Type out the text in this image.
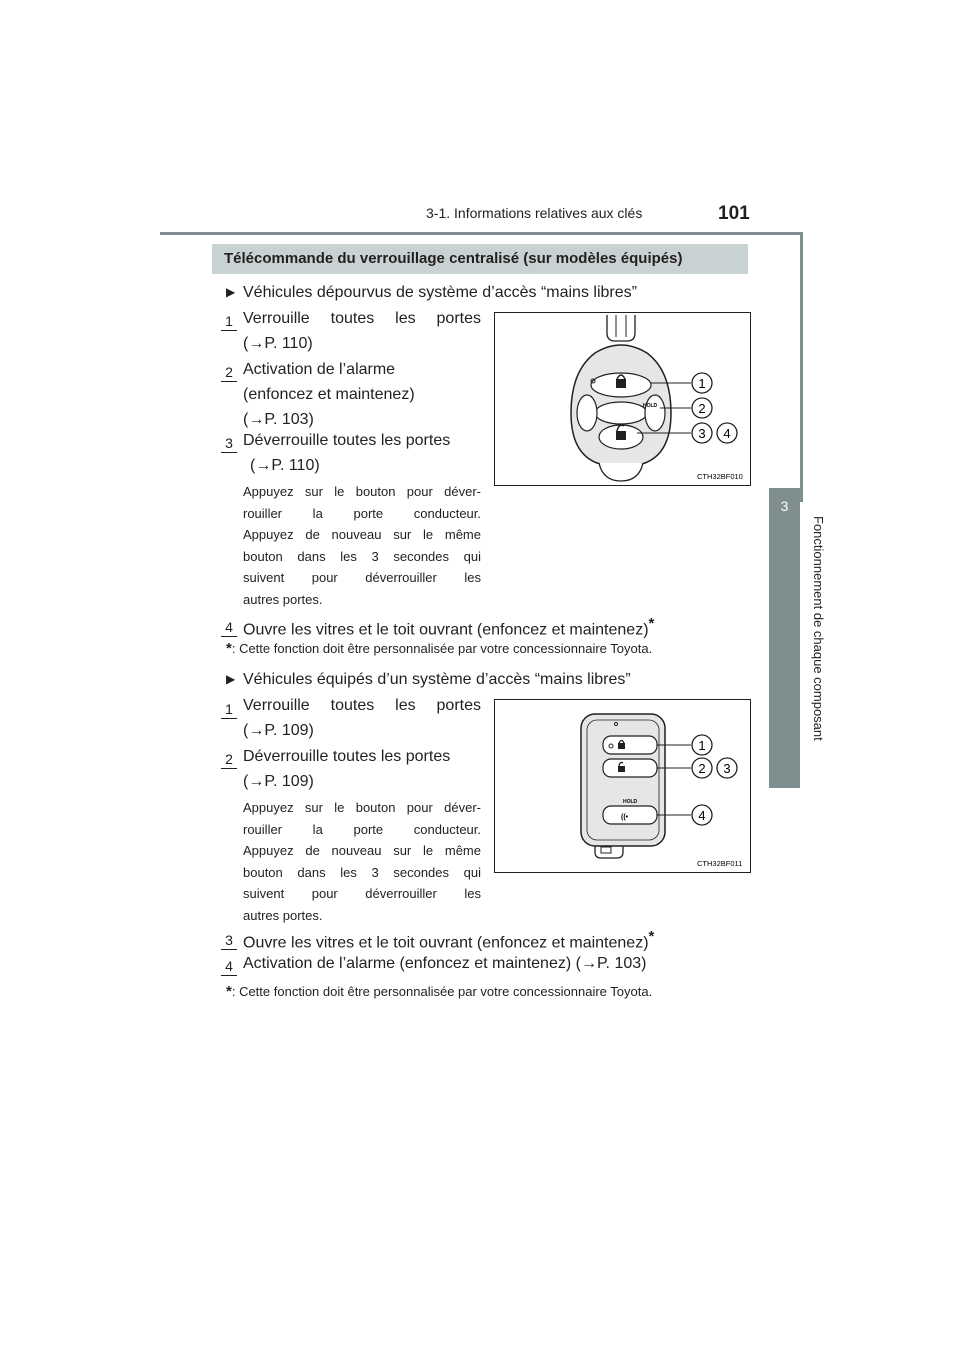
3-1. Informations relatives aux clés	101
3
Fonctionnement de chaque composant
Télécommande du verrouillage centralisé (sur modèles équipés)
▶ Véhicules dépourvus de système d’accès “mains libres”
1 Verrouille toutes les portes
(→P. 110)
2 Activation de l’alarme
(enfoncez et maintenez)
(→P. 103)
3 Déverrouille toutes les portes
(→P. 110)
Appuyez sur le bouton pour déver-
rouiller la porte conducteur.
Appuyez de nouveau sur le même
bouton dans les 3 secondes qui
suivent pour déverrouiller les
autres portes.
HOLD
1
2
3 4
CTH32BF010
4 Ouvre les vitres et le toit ouvrant (enfoncez et maintenez)*
*: Cette fonction doit être personnalisée par votre concessionnaire Toyota.
▶ Véhicules équipés d’un système d’accès “mains libres”
1 Verrouille toutes les portes
(→P. 109)
2 Déverrouille toutes les portes
(→P. 109)
Appuyez sur le bouton pour déver-
rouiller la porte conducteur.
Appuyez de nouveau sur le même
bouton dans les 3 secondes qui
suivent pour déverrouiller les
autres portes.
HOLD
((•
1
2 3
4
CTH32BF011
3 Ouvre les vitres et le toit ouvrant (enfoncez et maintenez)*
4 Activation de l’alarme (enfoncez et maintenez) (→P. 103)
*: Cette fonction doit être personnalisée par votre concessionnaire Toyota.
